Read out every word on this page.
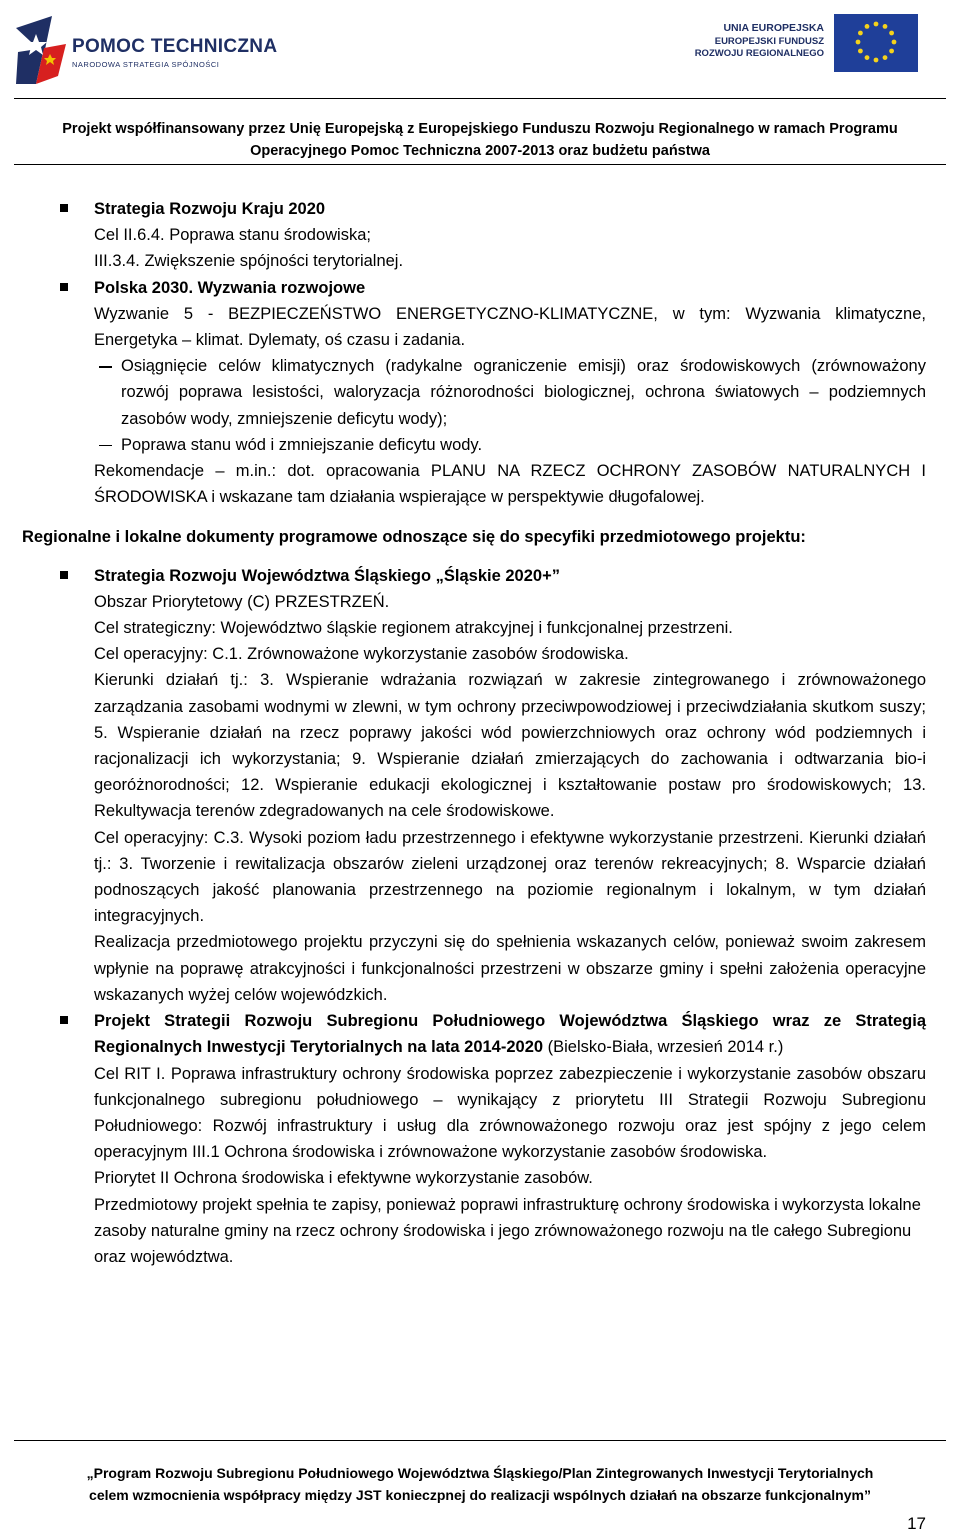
POMOC TECHNICZNA
NARODOWA STRATEGIA SPÓJNOŚCI
UNIA EUROPEJSKA
EUROPEJSKI FUNDUSZ
ROZWOJU REGIONALNEGO
Projekt współfinansowany przez Unię Europejską z Europejskiego Funduszu Rozwoju Regionalnego w ramach Programu
Operacyjnego Pomoc Techniczna 2007-2013 oraz budżetu państwa

Strategia Rozwoju Kraju 2020

Cel II.6.4. Poprawa stanu środowiska;

III.3.4. Zwiększenie spójności terytorialnej.

Polska 2030. Wyzwania rozwojowe

Wyzwanie 5 - BEZPIECZEŃSTWO ENERGETYCZNO-KLIMATYCZNE, w tym: Wyzwania klimatyczne, Energetyka – klimat. Dylematy, oś czasu i zadania.

Osiągnięcie celów klimatycznych (radykalne ograniczenie emisji) oraz środowiskowych (zrównoważony rozwój poprawa lesistości, waloryzacja różnorodności biologicznej, ochrona światowych – podziemnych zasobów wody, zmniejszenie deficytu wody);

Poprawa stanu wód i zmniejszanie deficytu wody.

Rekomendacje – m.in.: dot. opracowania PLANU NA RZECZ OCHRONY ZASOBÓW NATURALNYCH I ŚRODOWISKA i wskazane tam działania wspierające w perspektywie długofalowej.

Regionalne i lokalne dokumenty programowe odnoszące się do specyfiki przedmiotowego projektu:

Strategia Rozwoju Województwa Śląskiego „Śląskie 2020+”

Obszar Priorytetowy (C) PRZESTRZEŃ.

Cel strategiczny: Województwo śląskie regionem atrakcyjnej i funkcjonalnej przestrzeni.

Cel operacyjny: C.1. Zrównoważone wykorzystanie zasobów środowiska.

Kierunki działań tj.: 3. Wspieranie wdrażania rozwiązań w zakresie zintegrowanego i zrównoważonego zarządzania zasobami wodnymi w zlewni, w tym ochrony przeciwpowodziowej i przeciwdziałania skutkom suszy; 5. Wspieranie działań na rzecz poprawy jakości wód powierzchniowych oraz ochrony wód podziemnych i racjonalizacji ich wykorzystania; 9. Wspieranie działań zmierzających do zachowania i odtwarzania bio-i georóżnorodności; 12. Wspieranie edukacji ekologicznej i kształtowanie postaw pro środowiskowych; 13. Rekultywacja terenów zdegradowanych na cele środowiskowe.

Cel operacyjny: C.3. Wysoki poziom ładu przestrzennego i efektywne wykorzystanie przestrzeni. Kierunki działań tj.: 3. Tworzenie i rewitalizacja obszarów zieleni urządzonej oraz terenów rekreacyjnych; 8. Wsparcie działań podnoszących jakość planowania przestrzennego na poziomie regionalnym i lokalnym, w tym działań integracyjnych.

Realizacja przedmiotowego projektu przyczyni się do spełnienia wskazanych celów, ponieważ swoim zakresem wpłynie na poprawę atrakcyjności i funkcjonalności przestrzeni w obszarze gminy i spełni założenia operacyjne wskazanych wyżej celów wojewódzkich.

Projekt Strategii Rozwoju Subregionu Południowego Województwa Śląskiego wraz ze Strategią Regionalnych Inwestycji Terytorialnych na lata 2014-2020 (Bielsko-Biała, wrzesień 2014 r.)

Cel RIT I. Poprawa infrastruktury ochrony środowiska poprzez zabezpieczenie i wykorzystanie zasobów obszaru funkcjonalnego subregionu południowego – wynikający z priorytetu III Strategii Rozwoju Subregionu Południowego: Rozwój infrastruktury i usług dla zrównoważonego rozwoju oraz jest spójny z jego celem operacyjnym III.1 Ochrona środowiska i zrównoważone wykorzystanie zasobów środowiska.

Priorytet II Ochrona środowiska i efektywne wykorzystanie zasobów.

Przedmiotowy projekt spełnia te zapisy, ponieważ poprawi infrastrukturę ochrony środowiska i wykorzysta lokalne zasoby naturalne gminy na rzecz ochrony środowiska i jego zrównoważonego rozwoju na tle całego Subregionu oraz województwa.

„Program Rozwoju Subregionu Południowego Województwa Śląskiego/Plan Zintegrowanych Inwestycji Terytorialnych
celem wzmocnienia współpracy między JST konieczpnej do realizacji wspólnych działań na obszarze funkcjonalnym”
17
